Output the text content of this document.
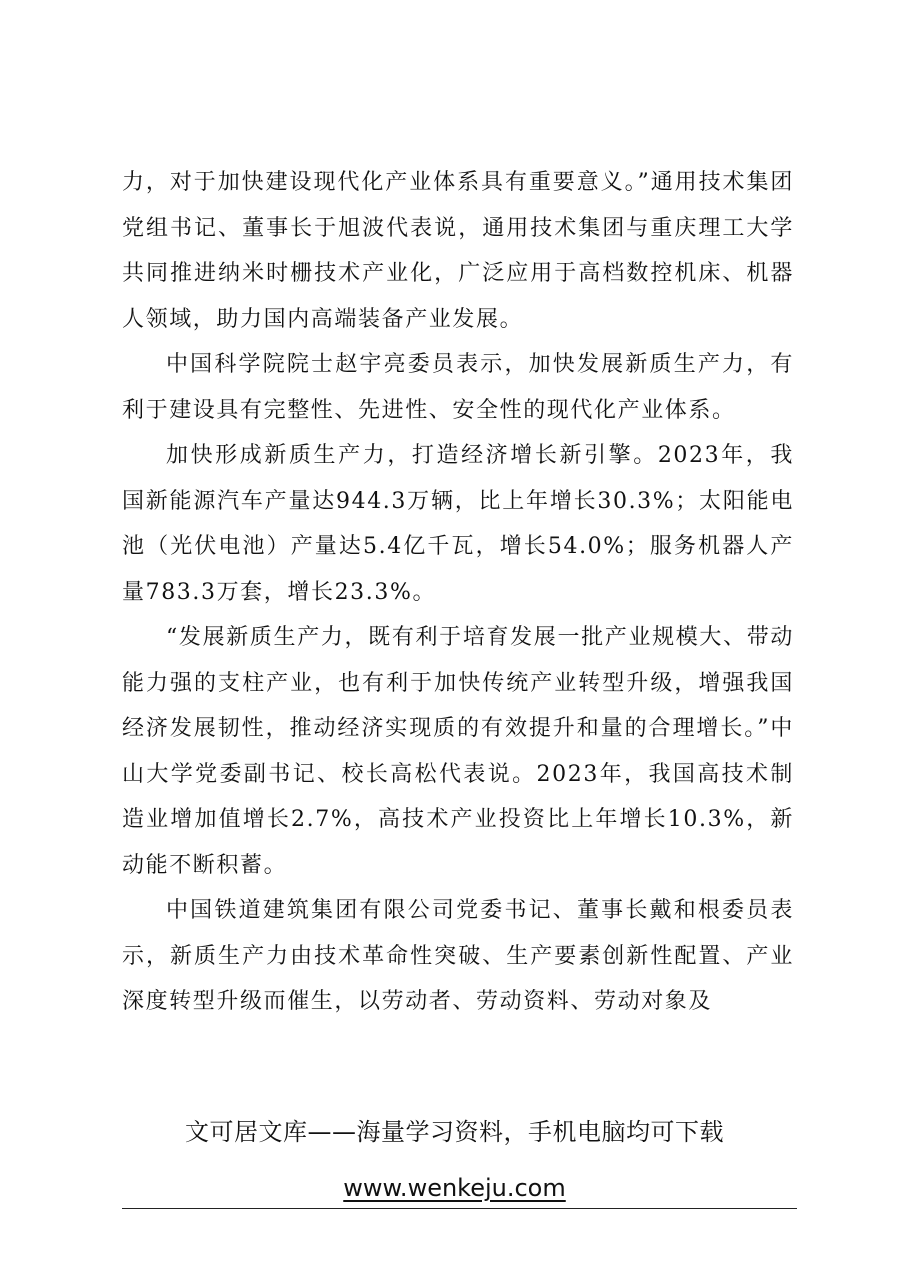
力，对于加快建设现代化产业体系具有重要意义。”通用技术集团党组书记、董事长于旭波代表说，通用技术集团与重庆理工大学共同推进纳米时栅技术产业化，广泛应用于高档数控机床、机器人领域，助力国内高端装备产业发展。

中国科学院院士赵宇亮委员表示，加快发展新质生产力，有利于建设具有完整性、先进性、安全性的现代化产业体系。

加快形成新质生产力，打造经济增长新引擎。2023年，我国新能源汽车产量达944.3万辆，比上年增长30.3%；太阳能电池（光伏电池）产量达5.4亿千瓦，增长54.0%；服务机器人产量783.3万套，增长23.3%。

“发展新质生产力，既有利于培育发展一批产业规模大、带动能力强的支柱产业，也有利于加快传统产业转型升级，增强我国经济发展韧性，推动经济实现质的有效提升和量的合理增长。”中山大学党委副书记、校长高松代表说。2023年，我国高技术制造业增加值增长2.7%，高技术产业投资比上年增长10.3%，新动能不断积蓄。

中国铁道建筑集团有限公司党委书记、董事长戴和根委员表示，新质生产力由技术革命性突破、生产要素创新性配置、产业深度转型升级而催生，以劳动者、劳动资料、劳动对象及

文可居文库——海量学习资料，手机电脑均可下载
www.wenkeju.com
